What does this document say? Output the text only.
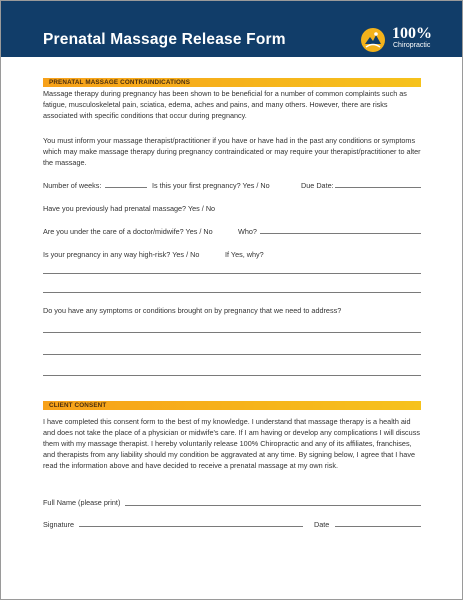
Prenatal Massage Release Form	100%
Chiropractic
PRENATAL MASSAGE CONTRAINDICATIONS
Massage therapy during pregnancy has been shown to be beneficial for a number of common complaints such as fatigue, musculoskeletal pain, sciatica, edema, aches and pains, and many others. However, there are risks associated with specific conditions that occur during pregnancy.
You must inform your massage therapist/practitioner if you have or have had in the past any conditions or symptoms which may make massage therapy during pregnancy contraindicated or may require your therapist/practitioner to alter the massage.
Number of weeks:	Is this your first pregnancy? Yes / No	Due Date:
Have you previously had prenatal massage? Yes / No
Are you under the care of a doctor/midwife? Yes / No	Who?
Is your pregnancy in any way high-risk? Yes / No	If Yes, why?
Do you have any symptoms or conditions brought on by pregnancy that we need to address?
CLIENT CONSENT
I have completed this consent form to the best of my knowledge. I understand that massage therapy is a health aid and does not take the place of a physician or midwife's care. If I am having or develop any complications I will discuss them with my massage therapist. I hereby voluntarily release 100% Chiropractic and any of its affiliates, franchises, and therapists from any liability should my condition be aggravated at any time. By signing below, I agree that I have read the information above and have decided to receive a prenatal massage at my own risk.
Full Name (please print)
Signature	Date
